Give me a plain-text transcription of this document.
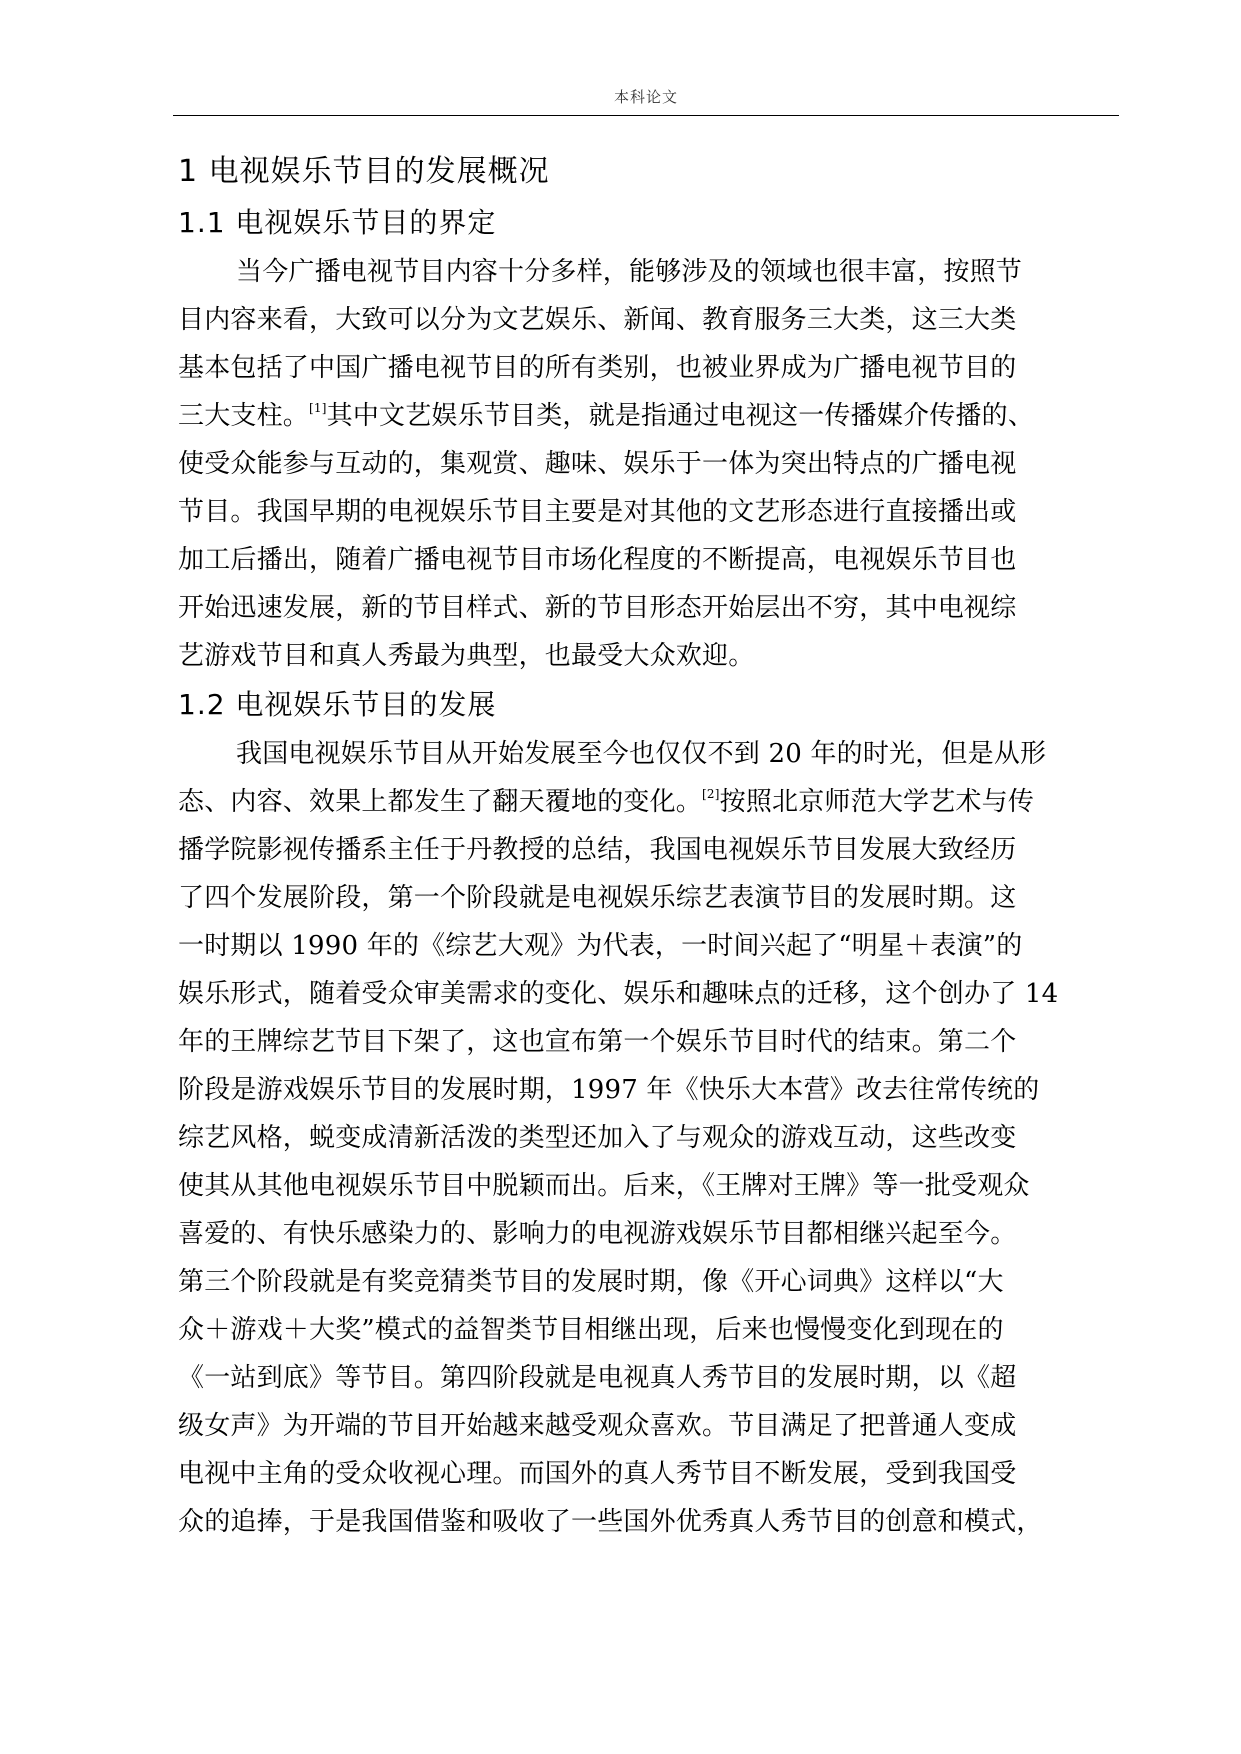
本科论文
1 电视娱乐节目的发展概况
1.1 电视娱乐节目的界定
当今广播电视节目内容十分多样，能够涉及的领域也很丰富，按照节
目内容来看，大致可以分为文艺娱乐、新闻、教育服务三大类，这三大类
基本包括了中国广播电视节目的所有类别，也被业界成为广播电视节目的
三大支柱。[1]其中文艺娱乐节目类，就是指通过电视这一传播媒介传播的、
使受众能参与互动的，集观赏、趣味、娱乐于一体为突出特点的广播电视
节目。我国早期的电视娱乐节目主要是对其他的文艺形态进行直接播出或
加工后播出，随着广播电视节目市场化程度的不断提高，电视娱乐节目也
开始迅速发展，新的节目样式、新的节目形态开始层出不穷，其中电视综
艺游戏节目和真人秀最为典型，也最受大众欢迎。
1.2 电视娱乐节目的发展
我国电视娱乐节目从开始发展至今也仅仅不到 20 年的时光，但是从形
态、内容、效果上都发生了翻天覆地的变化。[2]按照北京师范大学艺术与传
播学院影视传播系主任于丹教授的总结，我国电视娱乐节目发展大致经历
了四个发展阶段，第一个阶段就是电视娱乐综艺表演节目的发展时期。这
一时期以 1990 年的《综艺大观》为代表，一时间兴起了“明星＋表演”的
娱乐形式，随着受众审美需求的变化、娱乐和趣味点的迁移，这个创办了 14
年的王牌综艺节目下架了，这也宣布第一个娱乐节目时代的结束。第二个
阶段是游戏娱乐节目的发展时期，1997 年《快乐大本营》改去往常传统的
综艺风格，蜕变成清新活泼的类型还加入了与观众的游戏互动，这些改变
使其从其他电视娱乐节目中脱颖而出。后来，《王牌对王牌》等一批受观众
喜爱的、有快乐感染力的、影响力的电视游戏娱乐节目都相继兴起至今。
第三个阶段就是有奖竞猜类节目的发展时期，像《开心词典》这样以“大
众＋游戏＋大奖”模式的益智类节目相继出现，后来也慢慢变化到现在的
《一站到底》等节目。第四阶段就是电视真人秀节目的发展时期，以《超
级女声》为开端的节目开始越来越受观众喜欢。节目满足了把普通人变成
电视中主角的受众收视心理。而国外的真人秀节目不断发展，受到我国受
众的追捧，于是我国借鉴和吸收了一些国外优秀真人秀节目的创意和模式，
